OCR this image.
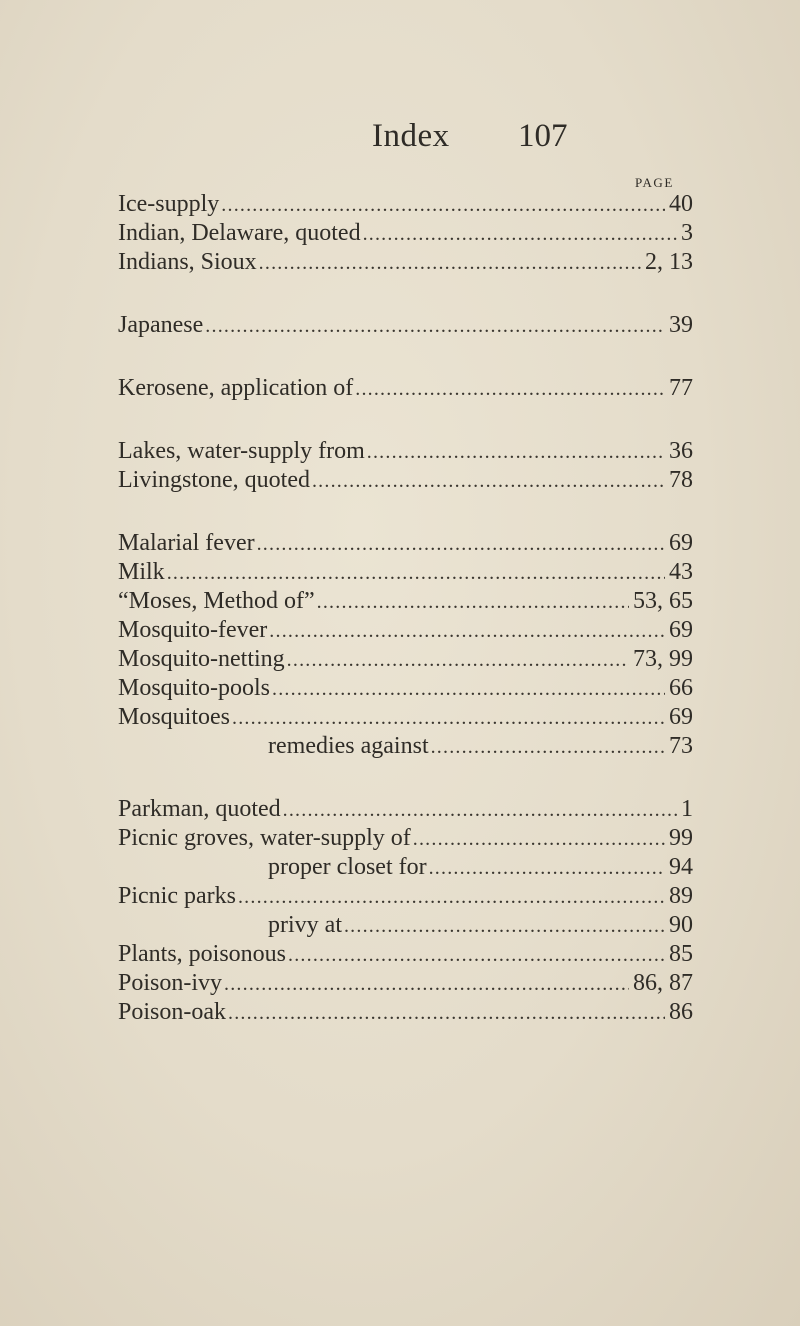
Index 107
PAGE
Ice-supply .....	40
Indian, Delaware, quoted .....	3
Indians, Sioux .....	2, 13
Japanese .....	39
Kerosene, application of .....	77
Lakes, water-supply from .....	36
Livingstone, quoted .....	78
Malarial fever .....	69
Milk .....	43
“Moses, Method of” .....	53, 65
Mosquito-fever .....	69
Mosquito-netting .....	73, 99
Mosquito-pools .....	66
Mosquitoes .....	69
remedies against .....	73
Parkman, quoted .....	1
Picnic groves, water-supply of .....	99
proper closet for .....	94
Picnic parks .....	89
privy at .....	90
Plants, poisonous .....	85
Poison-ivy .....	86, 87
Poison-oak .....	86
